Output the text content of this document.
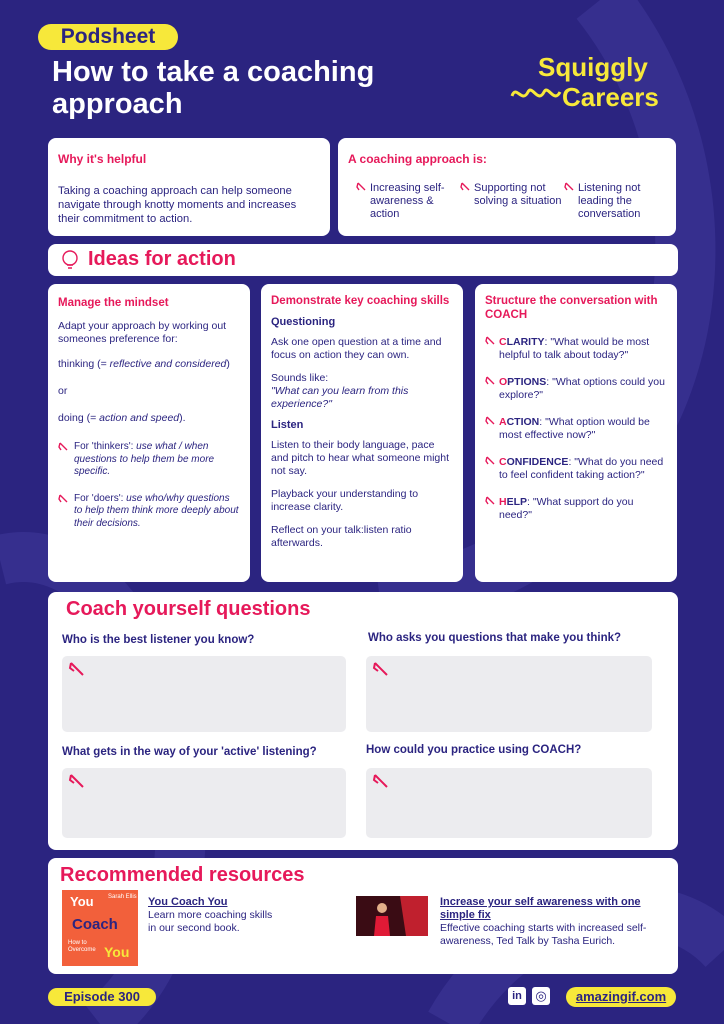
Podsheet
How to take a coaching approach
Squiggly
Careers
Why it's helpful
Taking a coaching approach can help someone navigate through knotty moments and increases their commitment to action.
A coaching approach is:
Increasing self-awareness & action
Supporting not solving a situation
Listening not leading the conversation
Ideas for action
Manage the mindset

Adapt your approach by working out someones preference for:

thinking (= reflective and considered)

or

doing (= action and speed).

For 'thinkers': use what / when questions to help them be more specific.
For 'doers': use who/why questions to help them think more deeply about their decisions.
Demonstrate key coaching skills
Questioning

Ask one open question at a time and focus on action they can own.

Sounds like:

"What can you learn from this experience?"

Listen

Listen to their body language, pace and pitch to hear what someone might not say.

Playback your understanding to increase clarity.

Reflect on your talk:listen ratio afterwards.

Structure the conversation with COACH
CLARITY: "What would be most helpful to talk about today?"
OPTIONS: "What options could you explore?"
ACTION: "What option would be most effective now?"
CONFIDENCE: "What do you need to feel confident taking action?"
HELP: "What support do you need?"
Coach yourself questions
Who is the best listener you know?	Who asks you questions that make you think?
What gets in the way of your 'active' listening?	How could you practice using COACH?
Recommended resources
Sarah Ellis
You
Coach
How to Overcome You
You Coach You
Learn more coaching skills in our second book.
Increase your self awareness with one simple fix
Effective coaching starts with increased self-awareness, Ted Talk by Tasha Eurich.
Episode 300	in	◎	amazingif.com
